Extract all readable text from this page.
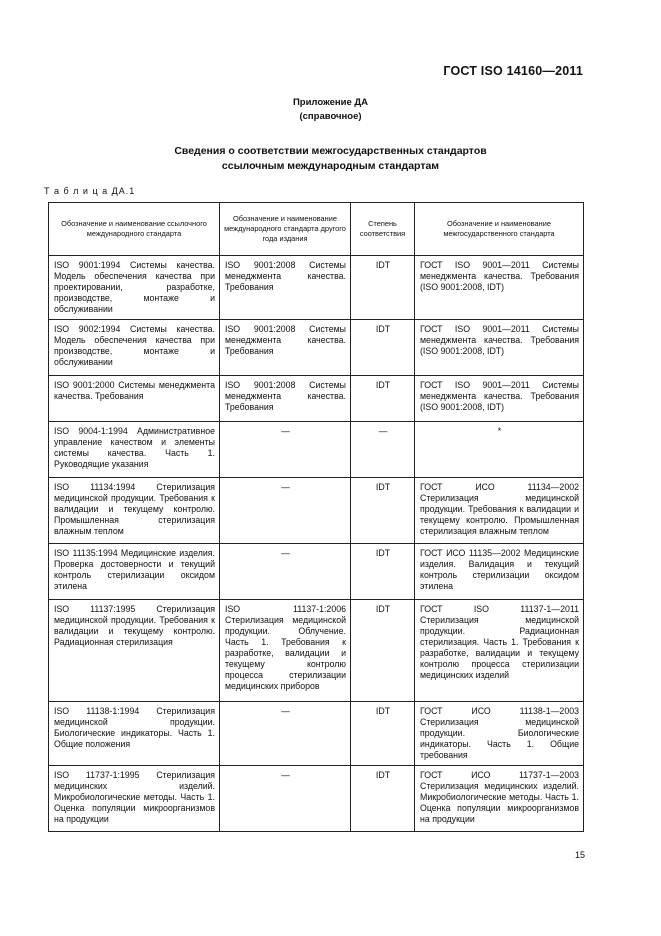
ГОСТ ISO 14160—2011
Приложение ДА
(справочное)
Сведения о соответствии межгосударственных стандартов
ссылочным международным стандартам
Т а б л и ц а ДА.1
Обозначение и наименование ссылочного международного стандарта	Обозначение и наименование международного стандарта другого года издания	Степень соответствия	Обозначение и наименование межгосударственного стандарта
ISO 9001:1994 Системы качества. Модель обеспечения качества при проектировании, разработке, производстве, монтаже и обслуживании	ISO 9001:2008 Системы менеджмента качества. Требования	IDT	ГОСТ ISO 9001—2011 Системы менеджмента качества. Требования (ISO 9001:2008, IDT)
ISO 9002:1994 Системы качества. Модель обеспечения качества при производстве, монтаже и обслуживании	ISO 9001:2008 Системы менеджмента качества. Требования	IDT	ГОСТ ISO 9001—2011 Системы менеджмента качества. Требования (ISO 9001:2008, IDT)
ISO 9001:2000 Системы менеджмента качества. Требования	ISO 9001:2008 Системы менеджмента качества. Требования	IDT	ГОСТ ISO 9001—2011 Системы менеджмента качества. Требования (ISO 9001:2008, IDT)
ISO 9004-1:1994 Административное управление качеством и элементы системы качества. Часть 1. Руководящие указания	—	—	*
ISO 11134:1994 Стерилизация медицинской продукции. Требования к валидации и текущему контролю. Промышленная стерилизация влажным теплом	—	IDT	ГОСТ ИСО 11134—2002 Стерилизация медицинской продукции. Требования к валидации и текущему контролю. Промышленная стерилизация влажным теплом
ISO 11135:1994 Медицинские изделия. Проверка достоверности и текущий контроль стерилизации оксидом этилена	—	IDT	ГОСТ ИСО 11135—2002 Медицинские изделия. Валидация и текущий контроль стерилизации оксидом этилена
ISO 11137:1995 Стерилизация медицинской продукции. Требования к валидации и текущему контролю. Радиационная стерилизация	ISO 11137-1:2006 Стерилизация медицинской продукции. Облучение. Часть 1. Требования к разработке, валидации и текущему контролю процесса стерилизации медицинских приборов	IDT	ГОСТ ISO 11137-1—2011 Стерилизация медицинской продукции. Радиационная стерилизация. Часть 1. Требования к разработке, валидации и текущему контролю процесса стерилизации медицинских изделий
ISO 11138-1:1994 Стерилизация медицинской продукции. Биологические индикаторы. Часть 1. Общие положения	—	IDT	ГОСТ ИСО 11138-1—2003 Стерилизация медицинской продукции. Биологические индикаторы. Часть 1. Общие требования
ISO 11737-1:1995 Стерилизация медицинских изделий. Микробиологические методы. Часть 1. Оценка популяции микроорганизмов на продукции	—	IDT	ГОСТ ИСО 11737-1—2003 Стерилизация медицинских изделий. Микробиологические методы. Часть 1. Оценка популяции микроорганизмов на продукции
15
